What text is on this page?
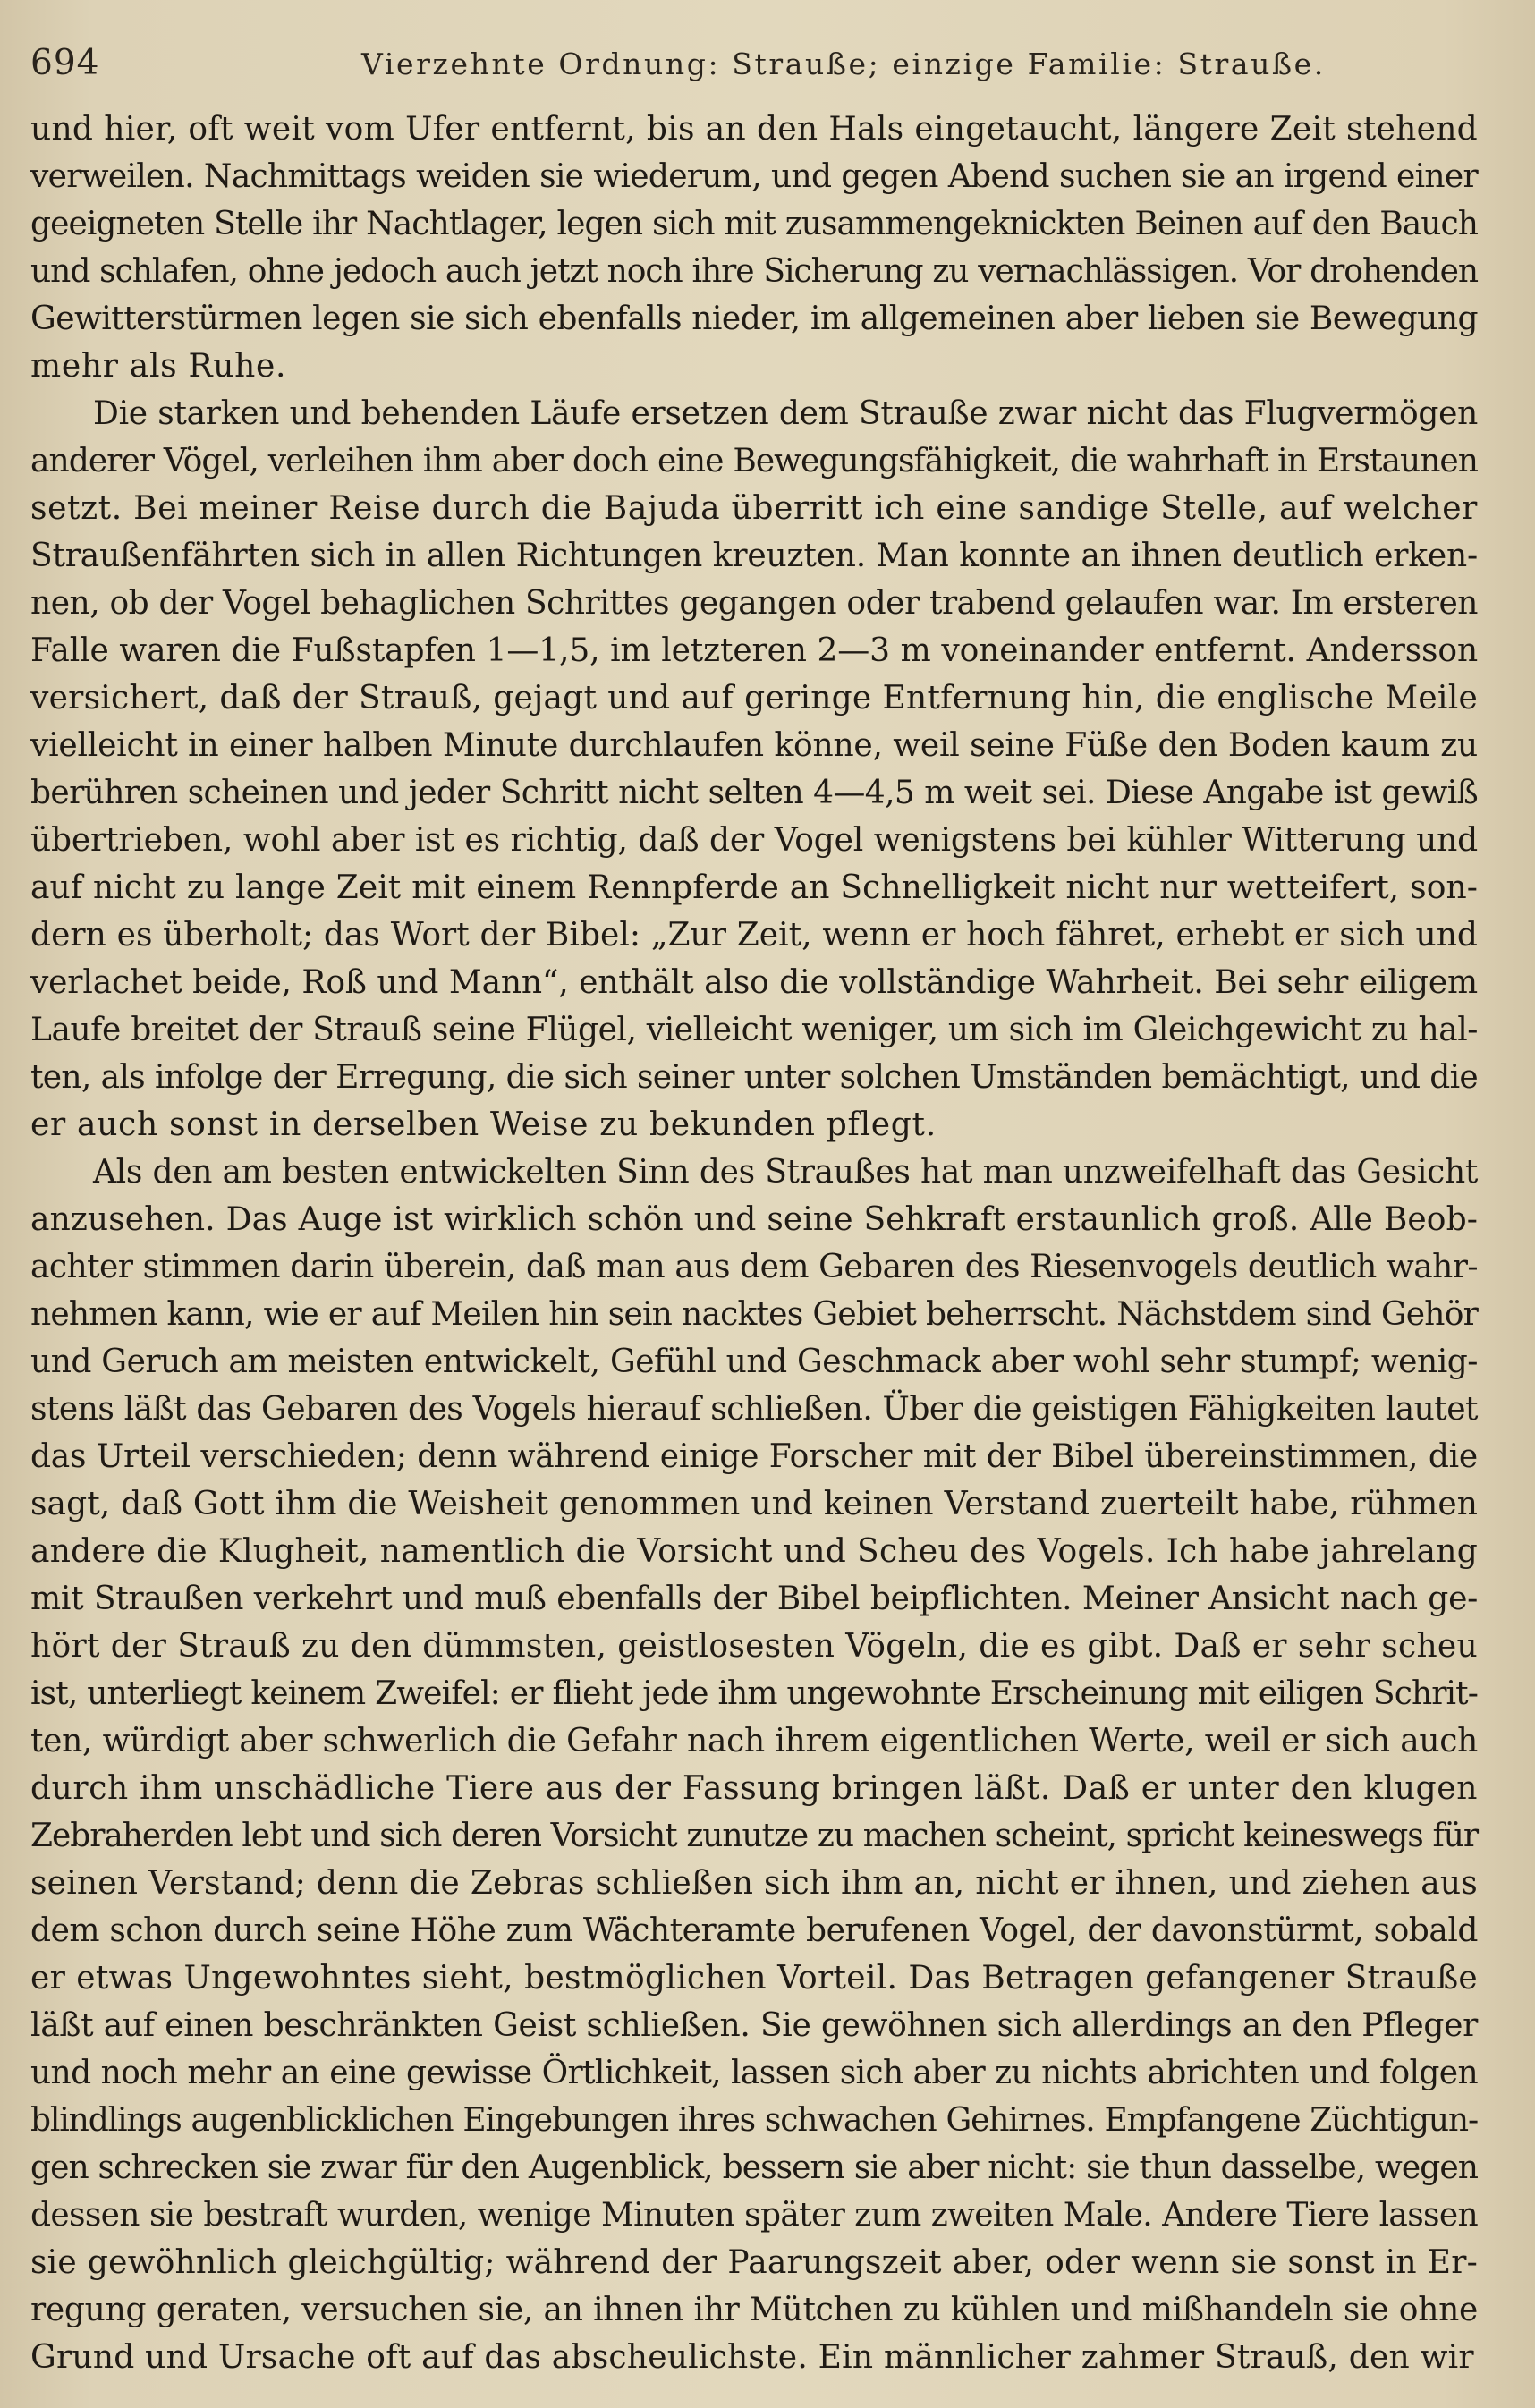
694	Vierzehnte Ordnung: Strauße; einzige Familie: Strauße.
und hier, oft weit vom Ufer entfernt, bis an den Hals eingetaucht, längere Zeit stehend
verweilen. Nachmittags weiden sie wiederum, und gegen Abend suchen sie an irgend einer
geeigneten Stelle ihr Nachtlager, legen sich mit zusammengeknickten Beinen auf den Bauch
und schlafen, ohne jedoch auch jetzt noch ihre Sicherung zu vernachlässigen. Vor drohenden
Gewitterstürmen legen sie sich ebenfalls nieder, im allgemeinen aber lieben sie Bewegung
mehr als Ruhe.
Die starken und behenden Läufe ersetzen dem Strauße zwar nicht das Flugvermögen
anderer Vögel, verleihen ihm aber doch eine Bewegungsfähigkeit, die wahrhaft in Erstaunen
setzt. Bei meiner Reise durch die Bajuda überritt ich eine sandige Stelle, auf welcher
Straußenfährten sich in allen Richtungen kreuzten. Man konnte an ihnen deutlich erken-
nen, ob der Vogel behaglichen Schrittes gegangen oder trabend gelaufen war. Im ersteren
Falle waren die Fußstapfen 1—1,5, im letzteren 2—3 m voneinander entfernt. Andersson
versichert, daß der Strauß, gejagt und auf geringe Entfernung hin, die englische Meile
vielleicht in einer halben Minute durchlaufen könne, weil seine Füße den Boden kaum zu
berühren scheinen und jeder Schritt nicht selten 4—4,5 m weit sei. Diese Angabe ist gewiß
übertrieben, wohl aber ist es richtig, daß der Vogel wenigstens bei kühler Witterung und
auf nicht zu lange Zeit mit einem Rennpferde an Schnelligkeit nicht nur wetteifert, son-
dern es überholt; das Wort der Bibel: „Zur Zeit, wenn er hoch fähret, erhebt er sich und
verlachet beide, Roß und Mann“, enthält also die vollständige Wahrheit. Bei sehr eiligem
Laufe breitet der Strauß seine Flügel, vielleicht weniger, um sich im Gleichgewicht zu hal-
ten, als infolge der Erregung, die sich seiner unter solchen Umständen bemächtigt, und die
er auch sonst in derselben Weise zu bekunden pflegt.
Als den am besten entwickelten Sinn des Straußes hat man unzweifelhaft das Gesicht
anzusehen. Das Auge ist wirklich schön und seine Sehkraft erstaunlich groß. Alle Beob-
achter stimmen darin überein, daß man aus dem Gebaren des Riesenvogels deutlich wahr-
nehmen kann, wie er auf Meilen hin sein nacktes Gebiet beherrscht. Nächstdem sind Gehör
und Geruch am meisten entwickelt, Gefühl und Geschmack aber wohl sehr stumpf; wenig-
stens läßt das Gebaren des Vogels hierauf schließen. Über die geistigen Fähigkeiten lautet
das Urteil verschieden; denn während einige Forscher mit der Bibel übereinstimmen, die
sagt, daß Gott ihm die Weisheit genommen und keinen Verstand zuerteilt habe, rühmen
andere die Klugheit, namentlich die Vorsicht und Scheu des Vogels. Ich habe jahrelang
mit Straußen verkehrt und muß ebenfalls der Bibel beipflichten. Meiner Ansicht nach ge-
hört der Strauß zu den dümmsten, geistlosesten Vögeln, die es gibt. Daß er sehr scheu
ist, unterliegt keinem Zweifel: er flieht jede ihm ungewohnte Erscheinung mit eiligen Schrit-
ten, würdigt aber schwerlich die Gefahr nach ihrem eigentlichen Werte, weil er sich auch
durch ihm unschädliche Tiere aus der Fassung bringen läßt. Daß er unter den klugen
Zebraherden lebt und sich deren Vorsicht zunutze zu machen scheint, spricht keineswegs für
seinen Verstand; denn die Zebras schließen sich ihm an, nicht er ihnen, und ziehen aus
dem schon durch seine Höhe zum Wächteramte berufenen Vogel, der davonstürmt, sobald
er etwas Ungewohntes sieht, bestmöglichen Vorteil. Das Betragen gefangener Strauße
läßt auf einen beschränkten Geist schließen. Sie gewöhnen sich allerdings an den Pfleger
und noch mehr an eine gewisse Örtlichkeit, lassen sich aber zu nichts abrichten und folgen
blindlings augenblicklichen Eingebungen ihres schwachen Gehirnes. Empfangene Züchtigun-
gen schrecken sie zwar für den Augenblick, bessern sie aber nicht: sie thun dasselbe, wegen
dessen sie bestraft wurden, wenige Minuten später zum zweiten Male. Andere Tiere lassen
sie gewöhnlich gleichgültig; während der Paarungszeit aber, oder wenn sie sonst in Er-
regung geraten, versuchen sie, an ihnen ihr Mütchen zu kühlen und mißhandeln sie ohne
Grund und Ursache oft auf das abscheulichste. Ein männlicher zahmer Strauß, den wir
